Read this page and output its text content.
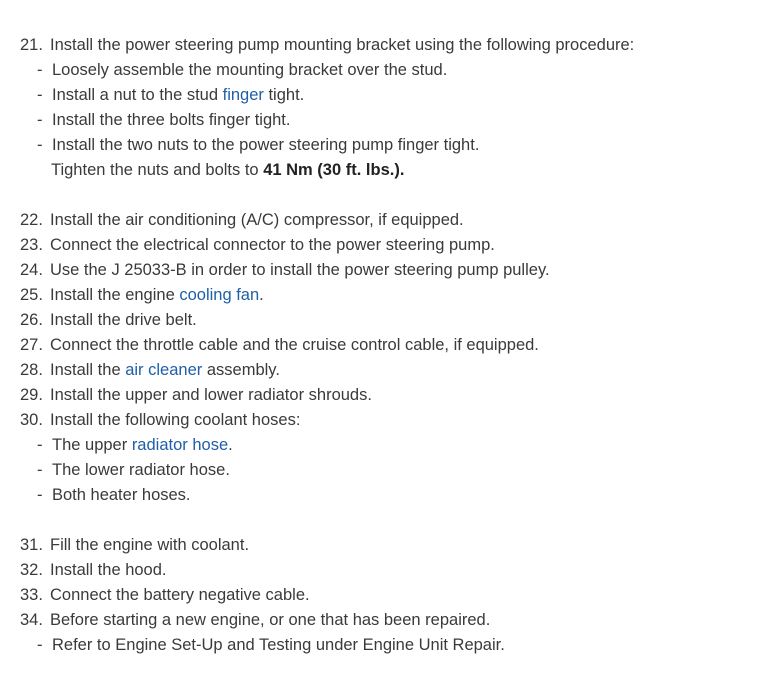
21. Install the power steering pump mounting bracket using the following procedure:
- Loosely assemble the mounting bracket over the stud.
- Install a nut to the stud finger tight.
- Install the three bolts finger tight.
- Install the two nuts to the power steering pump finger tight.
Tighten the nuts and bolts to 41 Nm (30 ft. lbs.).
22. Install the air conditioning (A/C) compressor, if equipped.
23. Connect the electrical connector to the power steering pump.
24. Use the J 25033-B in order to install the power steering pump pulley.
25. Install the engine cooling fan.
26. Install the drive belt.
27. Connect the throttle cable and the cruise control cable, if equipped.
28. Install the air cleaner assembly.
29. Install the upper and lower radiator shrouds.
30. Install the following coolant hoses:
- The upper radiator hose.
- The lower radiator hose.
- Both heater hoses.
31. Fill the engine with coolant.
32. Install the hood.
33. Connect the battery negative cable.
34. Before starting a new engine, or one that has been repaired.
- Refer to Engine Set-Up and Testing under Engine Unit Repair.
